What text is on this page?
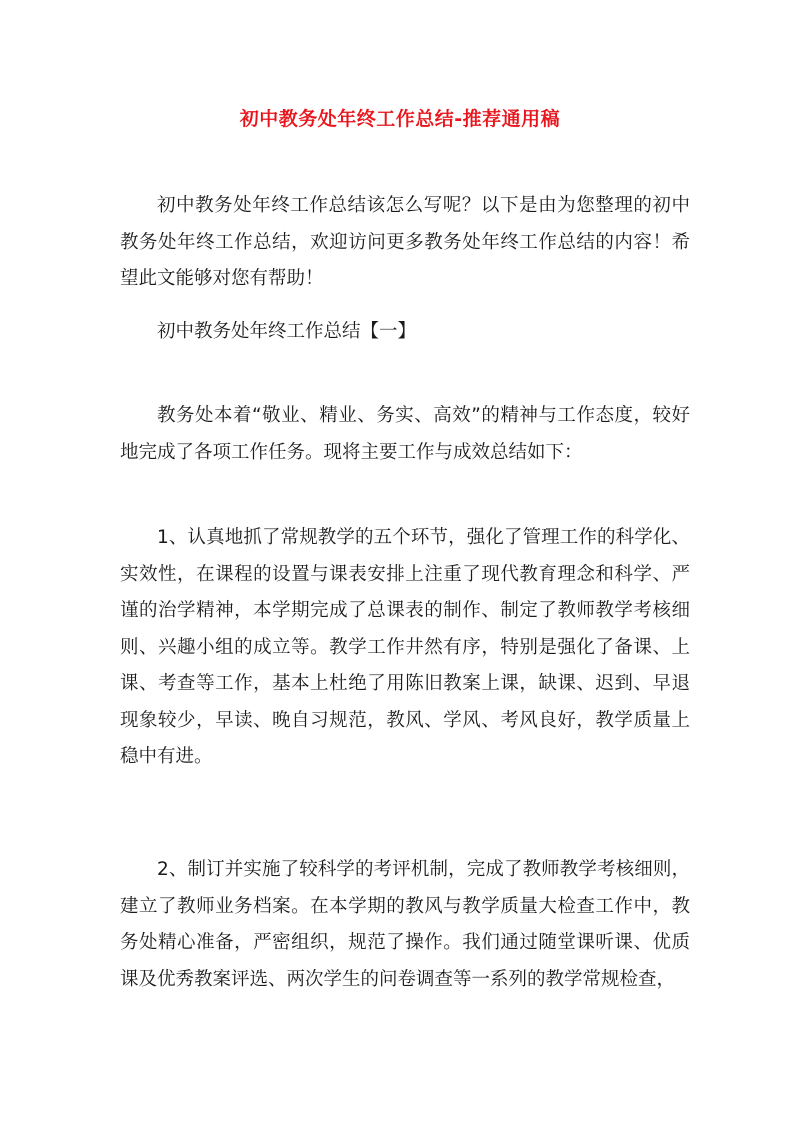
初中教务处年终工作总结-推荐通用稿

初中教务处年终工作总结该怎么写呢？以下是由为您整理的初中教务处年终工作总结，欢迎访问更多教务处年终工作总结的内容！希望此文能够对您有帮助！

初中教务处年终工作总结【一】

教务处本着“敬业、精业、务实、高效”的精神与工作态度，较好地完成了各项工作任务。现将主要工作与成效总结如下：

1、认真地抓了常规教学的五个环节，强化了管理工作的科学化、实效性，在课程的设置与课表安排上注重了现代教育理念和科学、严谨的治学精神，本学期完成了总课表的制作、制定了教师教学考核细则、兴趣小组的成立等。教学工作井然有序，特别是强化了备课、上课、考查等工作，基本上杜绝了用陈旧教案上课，缺课、迟到、早退现象较少，早读、晚自习规范，教风、学风、考风良好，教学质量上稳中有进。

2、制订并实施了较科学的考评机制，完成了教师教学考核细则，建立了教师业务档案。在本学期的教风与教学质量大检查工作中，教务处精心准备，严密组织，规范了操作。我们通过随堂课听课、优质课及优秀教案评选、两次学生的问卷调查等一系列的教学常规检查，
